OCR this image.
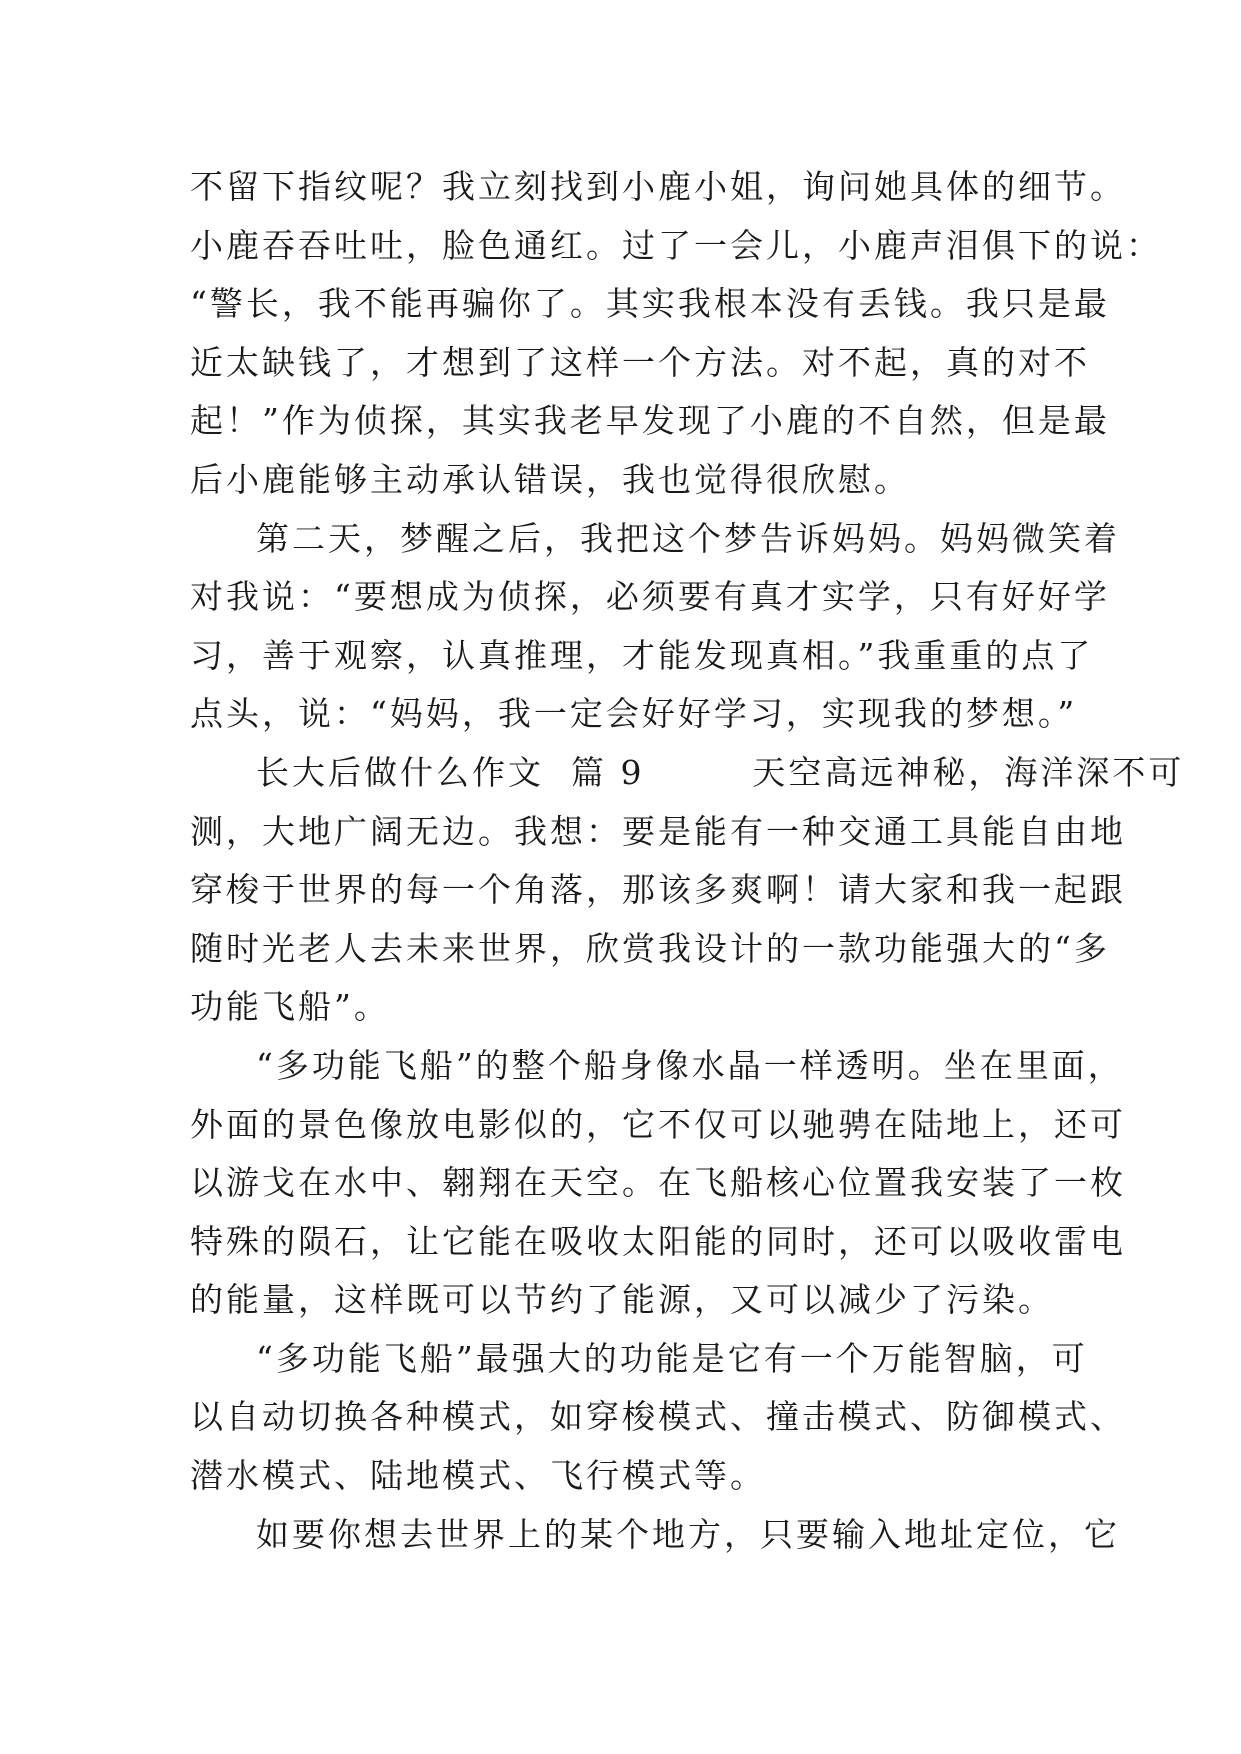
不留下指纹呢？我立刻找到小鹿小姐，询问她具体的细节。
小鹿吞吞吐吐，脸色通红。过了一会儿，小鹿声泪俱下的说：
“警长，我不能再骗你了。其实我根本没有丢钱。我只是最
近太缺钱了，才想到了这样一个方法。对不起，真的对不
起！”作为侦探，其实我老早发现了小鹿的不自然，但是最
后小鹿能够主动承认错误，我也觉得很欣慰。
第二天，梦醒之后，我把这个梦告诉妈妈。妈妈微笑着
对我说：“要想成为侦探，必须要有真才实学，只有好好学
习，善于观察，认真推理，才能发现真相。”我重重的点了
点头，说：“妈妈，我一定会好好学习，实现我的梦想。”
长大后做什么作文  篇 9        天空高远神秘，海洋深不可
测，大地广阔无边。我想：要是能有一种交通工具能自由地
穿梭于世界的每一个角落，那该多爽啊！请大家和我一起跟
随时光老人去未来世界，欣赏我设计的一款功能强大的“多
功能飞船”。
“多功能飞船”的整个船身像水晶一样透明。坐在里面，
外面的景色像放电影似的，它不仅可以驰骋在陆地上，还可
以游戈在水中、翱翔在天空。在飞船核心位置我安装了一枚
特殊的陨石，让它能在吸收太阳能的同时，还可以吸收雷电
的能量，这样既可以节约了能源，又可以减少了污染。
“多功能飞船”最强大的功能是它有一个万能智脑，可
以自动切换各种模式，如穿梭模式、撞击模式、防御模式、
潜水模式、陆地模式、飞行模式等。
如要你想去世界上的某个地方，只要输入地址定位，它
